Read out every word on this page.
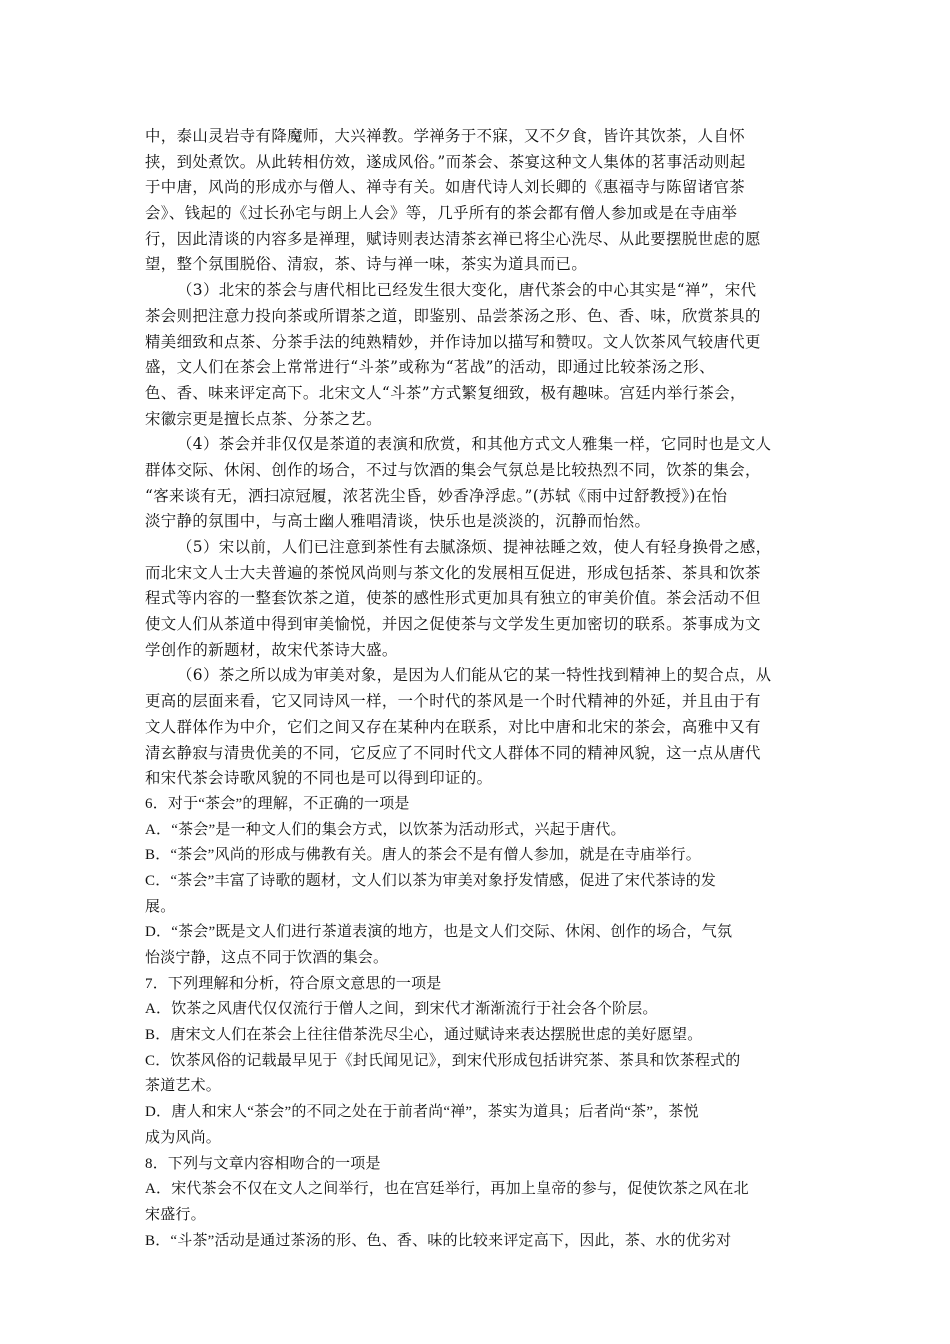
中，泰山灵岩寺有降魔师，大兴禅教。学禅务于不寐，又不夕食，皆许其饮茶，人自怀
挟，到处煮饮。从此转相仿效，遂成风俗。”而茶会、茶宴这种文人集体的茗事活动则起
于中唐，风尚的形成亦与僧人、禅寺有关。如唐代诗人刘长卿的《惠福寺与陈留诸官茶
会》、钱起的《过长孙宅与朗上人会》等，几乎所有的茶会都有僧人参加或是在寺庙举
行，因此清谈的内容多是禅理，赋诗则表达清茶玄禅已将尘心洗尽、从此要摆脱世虑的愿
望，整个氛围脱俗、清寂，茶、诗与禅一味，茶实为道具而已。
（3）北宋的茶会与唐代相比已经发生很大变化，唐代茶会的中心其实是“禅”，宋代
茶会则把注意力投向茶或所谓茶之道，即鉴别、品尝茶汤之形、色、香、味，欣赏茶具的
精美细致和点茶、分茶手法的纯熟精妙，并作诗加以描写和赞叹。文人饮茶风气较唐代更
盛，文人们在茶会上常常进行“斗茶”或称为“茗战”的活动，即通过比较茶汤之形、
色、香、味来评定高下。北宋文人“斗茶”方式繁复细致，极有趣味。宫廷内举行茶会，
宋徽宗更是擅长点茶、分茶之艺。
（4）茶会并非仅仅是茶道的表演和欣赏，和其他方式文人雅集一样，它同时也是文人
群体交际、休闲、创作的场合，不过与饮酒的集会气氛总是比较热烈不同，饮茶的集会，
“客来谈有无，洒扫凉冠履，浓茗洗尘昏，妙香净浮虑。”(苏轼《雨中过舒教授》)在怡
淡宁静的氛围中，与高士幽人雅唱清谈，快乐也是淡淡的，沉静而怡然。
（5）宋以前，人们已注意到茶性有去腻涤烦、提神祛睡之效，使人有轻身换骨之感，
而北宋文人士大夫普遍的茶悦风尚则与茶文化的发展相互促进，形成包括茶、茶具和饮茶
程式等内容的一整套饮茶之道，使茶的感性形式更加具有独立的审美价值。茶会活动不但
使文人们从茶道中得到审美愉悦，并因之促使茶与文学发生更加密切的联系。茶事成为文
学创作的新题材，故宋代茶诗大盛。
（6）茶之所以成为审美对象，是因为人们能从它的某一特性找到精神上的契合点，从
更高的层面来看，它又同诗风一样，一个时代的茶风是一个时代精神的外延，并且由于有
文人群体作为中介，它们之间又存在某种内在联系，对比中唐和北宋的茶会，高雅中又有
清玄静寂与清贵优美的不同，它反应了不同时代文人群体不同的精神风貌，这一点从唐代
和宋代茶会诗歌风貌的不同也是可以得到印证的。
6．对于“茶会”的理解，不正确的一项是
A．“茶会”是一种文人们的集会方式，以饮茶为活动形式，兴起于唐代。
B．“茶会”风尚的形成与佛教有关。唐人的茶会不是有僧人参加，就是在寺庙举行。
C．“茶会”丰富了诗歌的题材，文人们以茶为审美对象抒发情感，促进了宋代茶诗的发
展。
D．“茶会”既是文人们进行茶道表演的地方，也是文人们交际、休闲、创作的场合，气氛
怡淡宁静，这点不同于饮酒的集会。
7．下列理解和分析，符合原文意思的一项是
A．饮茶之风唐代仅仅流行于僧人之间，到宋代才渐渐流行于社会各个阶层。
B．唐宋文人们在茶会上往往借茶洗尽尘心，通过赋诗来表达摆脱世虑的美好愿望。
C．饮茶风俗的记载最早见于《封氏闻见记》，到宋代形成包括讲究茶、茶具和饮茶程式的
茶道艺术。
D．唐人和宋人“茶会”的不同之处在于前者尚“禅”，茶实为道具；后者尚“茶”，茶悦
成为风尚。
8．下列与文章内容相吻合的一项是
A．宋代茶会不仅在文人之间举行，也在宫廷举行，再加上皇帝的参与，促使饮茶之风在北
宋盛行。
B．“斗茶”活动是通过茶汤的形、色、香、味的比较来评定高下，因此，茶、水的优劣对
